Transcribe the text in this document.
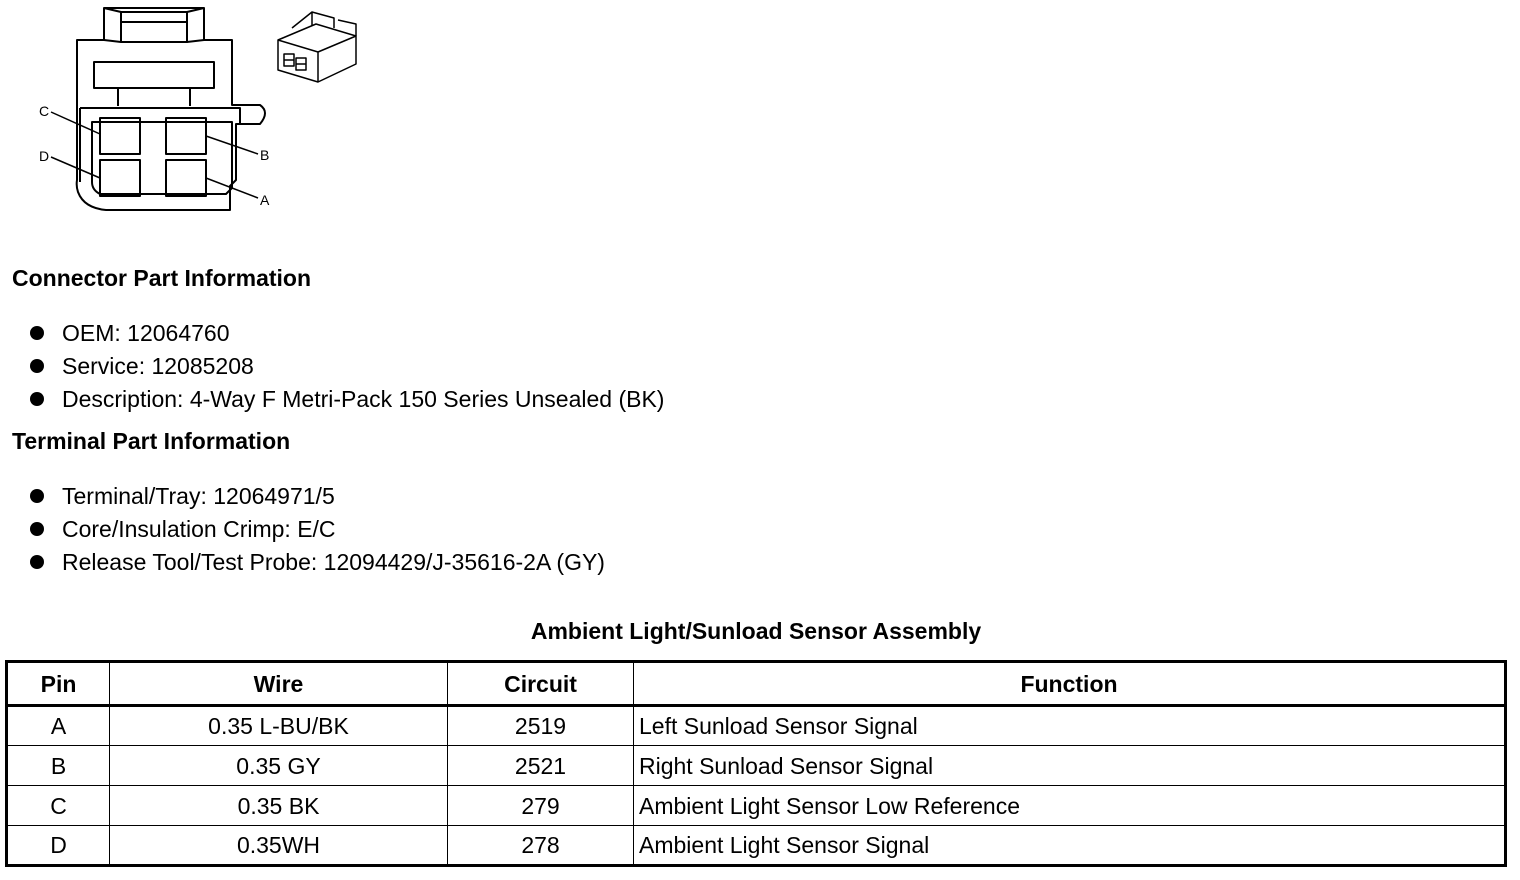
C
B
D
A
Connector Part Information
OEM: 12064760
Service: 12085208
Description: 4-Way F Metri-Pack 150 Series Unsealed (BK)
Terminal Part Information
Terminal/Tray: 12064971/5
Core/Insulation Crimp: E/C
Release Tool/Test Probe: 12094429/J-35616-2A (GY)
Ambient Light/Sunload Sensor Assembly
Pin	Wire	Circuit	Function
A	0.35 L-BU/BK	2519	Left Sunload Sensor Signal
B	0.35 GY	2521	Right Sunload Sensor Signal
C	0.35 BK	279	Ambient Light Sensor Low Reference
D	0.35WH	278	Ambient Light Sensor Signal
